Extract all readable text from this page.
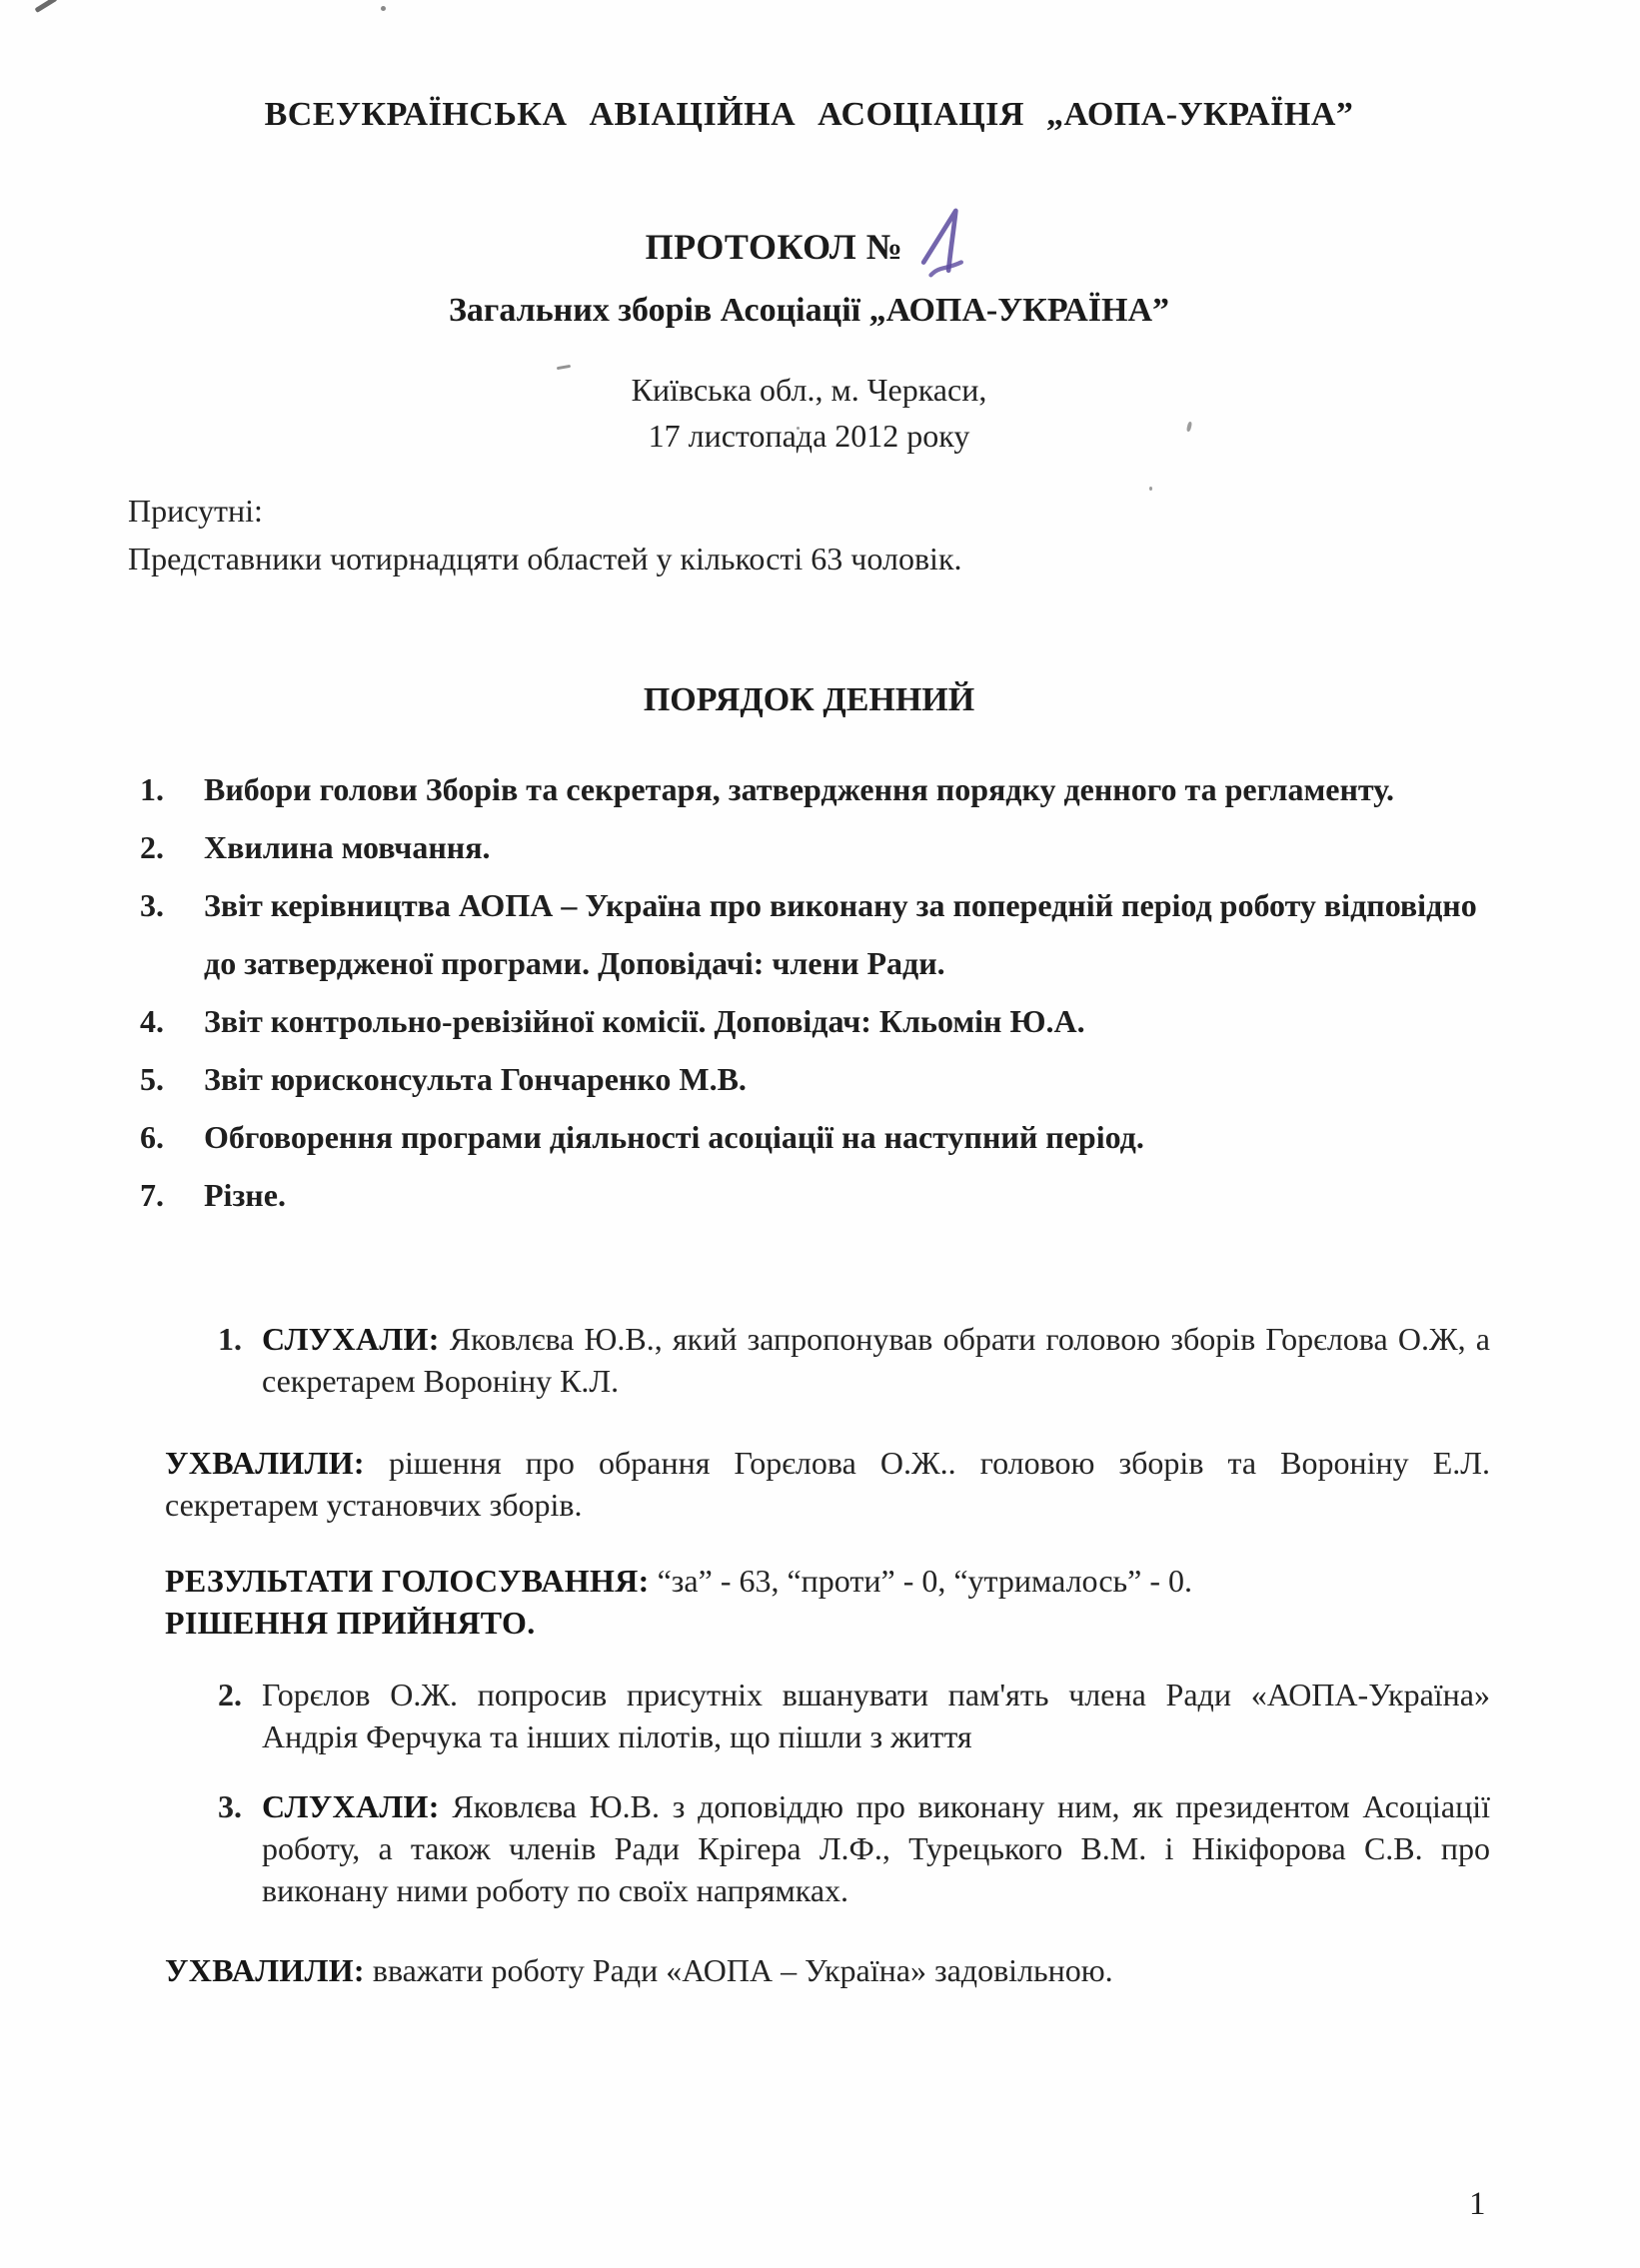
ВСЕУКРАЇНСЬКА АВІАЦІЙНА АСОЦІАЦІЯ „АОПА-УКРАЇНА”
ПРОТОКОЛ №
Загальних зборів Асоціації „АОПА-УКРАЇНА”
Київська обл., м. Черкаси,
17 листопада 2012 року
Присутні:
Представники чотирнадцяти областей у кількості 63 чоловік.
ПОРЯДОК ДЕННИЙ
1.	Вибори голови Зборів та секретаря, затвердження порядку денного та регламенту.
2.	Хвилина мовчання.
3.	Звіт керівництва АОПА – Україна про виконану за попередній період роботу відповідно до затвердженої програми. Доповідачі: члени Ради.
4.	Звіт контрольно-ревізійної комісії. Доповідач: Кльомін Ю.А.
5.	Звіт юрисконсульта Гончаренко М.В.
6.	Обговорення програми діяльності асоціації на наступний період.
7.	Різне.
1. СЛУХАЛИ: Яковлєва Ю.В., який запропонував обрати головою зборів Горєлова О.Ж, а секретарем Вороніну К.Л.

УХВАЛИЛИ: рішення про обрання Горєлова О.Ж.. головою зборів та Вороніну Е.Л. секретарем установчих зборів.

РЕЗУЛЬТАТИ ГОЛОСУВАННЯ: “за” - 63, “проти” - 0, “утрималось” - 0.
РІШЕННЯ ПРИЙНЯТО.
2. Горєлов О.Ж. попросив присутніх вшанувати пам'ять члена Ради «АОПА-Україна» Андрія Ферчука та інших пілотів, що пішли з життя
3. СЛУХАЛИ: Яковлєва Ю.В. з доповіддю про виконану ним, як президентом Асоціації роботу, а також членів Ради Крігера Л.Ф., Турецького В.М. і Нікіфорова С.В. про виконану ними роботу по своїх напрямках.

УХВАЛИЛИ: вважати роботу Ради «АОПА – Україна» задовільною.

1
